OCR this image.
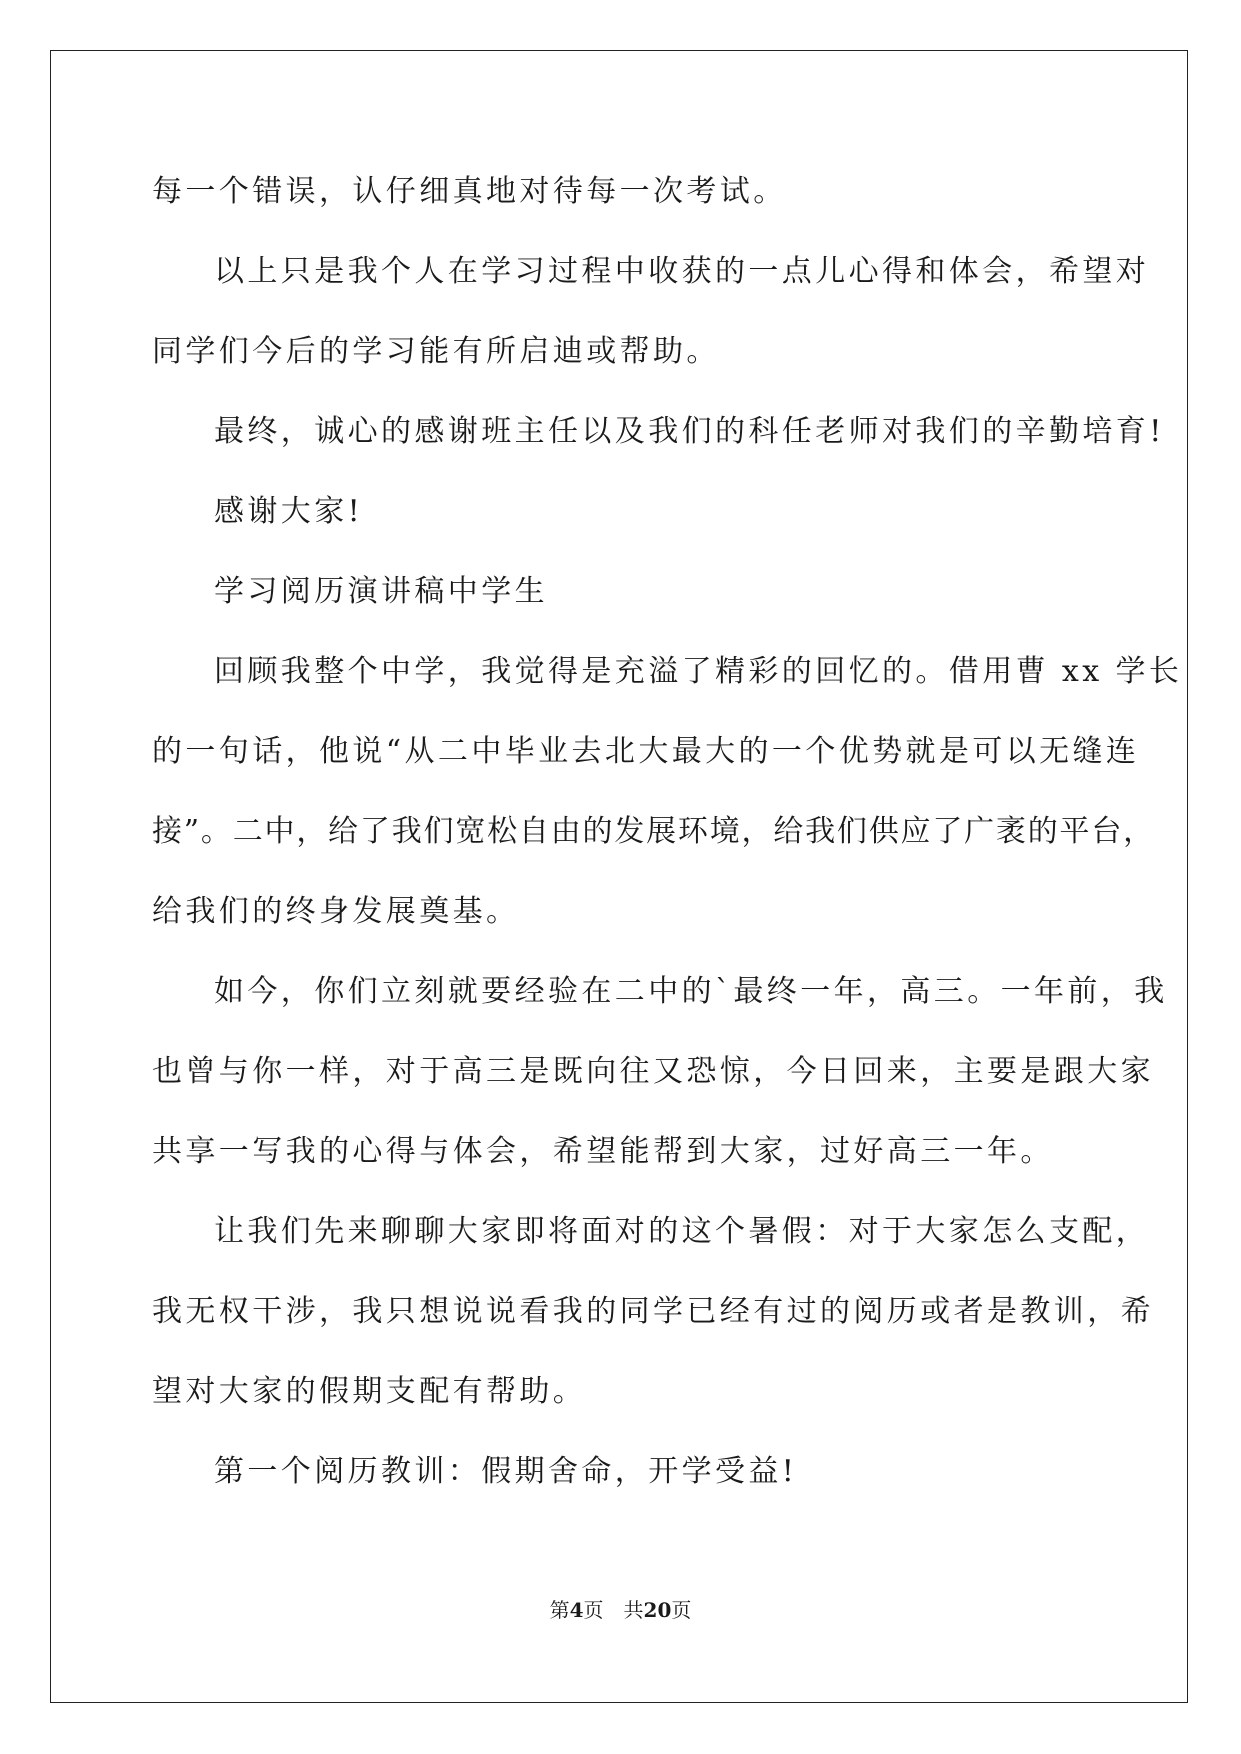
每一个错误，认仔细真地对待每一次考试。
以上只是我个人在学习过程中收获的一点儿心得和体会，希望对
同学们今后的学习能有所启迪或帮助。
最终，诚心的感谢班主任以及我们的科任老师对我们的辛勤培育!
感谢大家!
学习阅历演讲稿中学生
回顾我整个中学，我觉得是充溢了精彩的回忆的。借用曹 xx 学长
的一句话，他说“从二中毕业去北大最大的一个优势就是可以无缝连
接”。二中，给了我们宽松自由的发展环境，给我们供应了广袤的平台，
给我们的终身发展奠基。
如今，你们立刻就要经验在二中的`最终一年，高三。一年前，我
也曾与你一样，对于高三是既向往又恐惊，今日回来，主要是跟大家
共享一写我的心得与体会，希望能帮到大家，过好高三一年。
让我们先来聊聊大家即将面对的这个暑假：对于大家怎么支配，
我无权干涉，我只想说说看我的同学已经有过的阅历或者是教训，希
望对大家的假期支配有帮助。
第一个阅历教训：假期舍命，开学受益!
第4页　共20页
